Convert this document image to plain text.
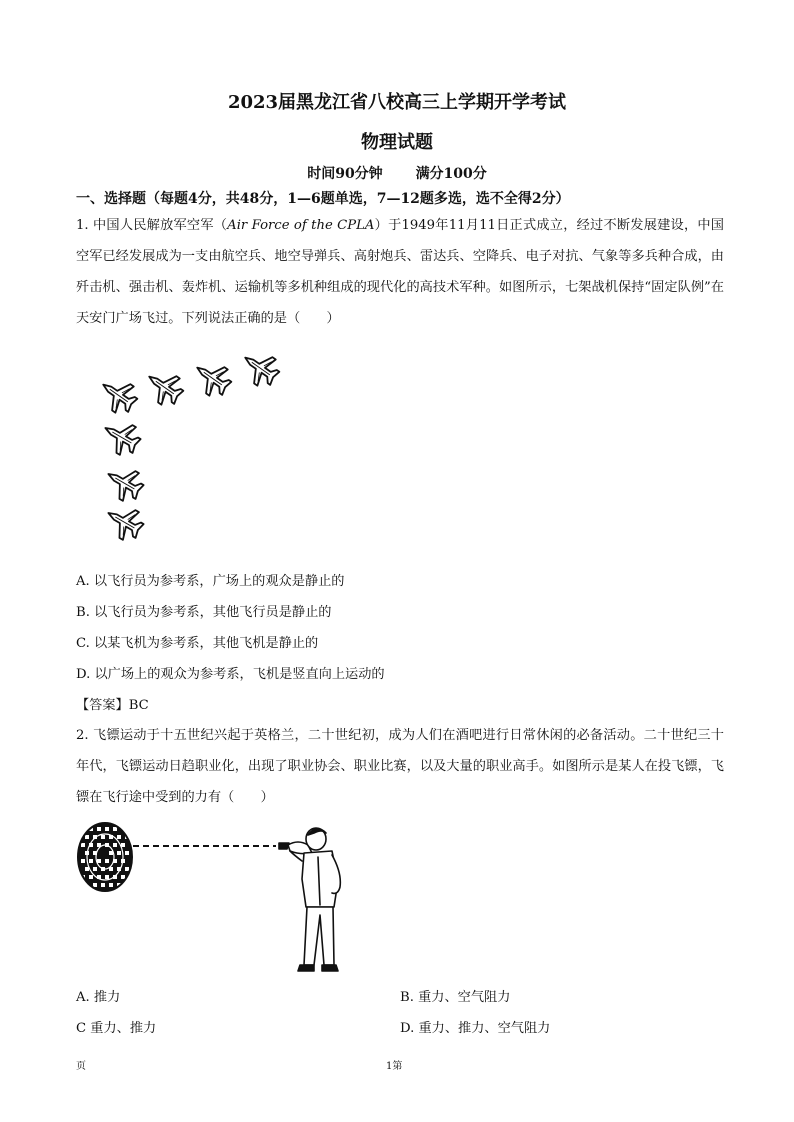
2023届黑龙江省八校高三上学期开学考试
物理试题
时间90分钟 满分100分
一、选择题（每题4分，共48分，1—6题单选，7—12题多选，选不全得2分）
1. 中国人民解放军空军（Air Force of the CPLA）于1949年11月11日正式成立，经过不断发展建设，中国空军已经发展成为一支由航空兵、地空导弹兵、高射炮兵、雷达兵、空降兵、电子对抗、气象等多兵种合成，由歼击机、强击机、轰炸机、运输机等多机种组成的现代化的高技术军种。如图所示，七架战机保持“固定队例”在天安门广场飞过。下列说法正确的是（　　）
A. 以飞行员为参考系，广场上的观众是静止的
B. 以飞行员为参考系，其他飞行员是静止的
C. 以某飞机为参考系，其他飞机是静止的
D. 以广场上的观众为参考系，飞机是竖直向上运动的
【答案】BC
2. 飞镖运动于十五世纪兴起于英格兰，二十世纪初，成为人们在酒吧进行日常休闲的必备活动。二十世纪三十年代，飞镖运动日趋职业化，出现了职业协会、职业比赛，以及大量的职业高手。如图所示是某人在投飞镖，飞镖在飞行途中受到的力有（　　）
A. 推力	B. 重力、空气阻力
C 重力、推力	D. 重力、推力、空气阻力
页	1第
